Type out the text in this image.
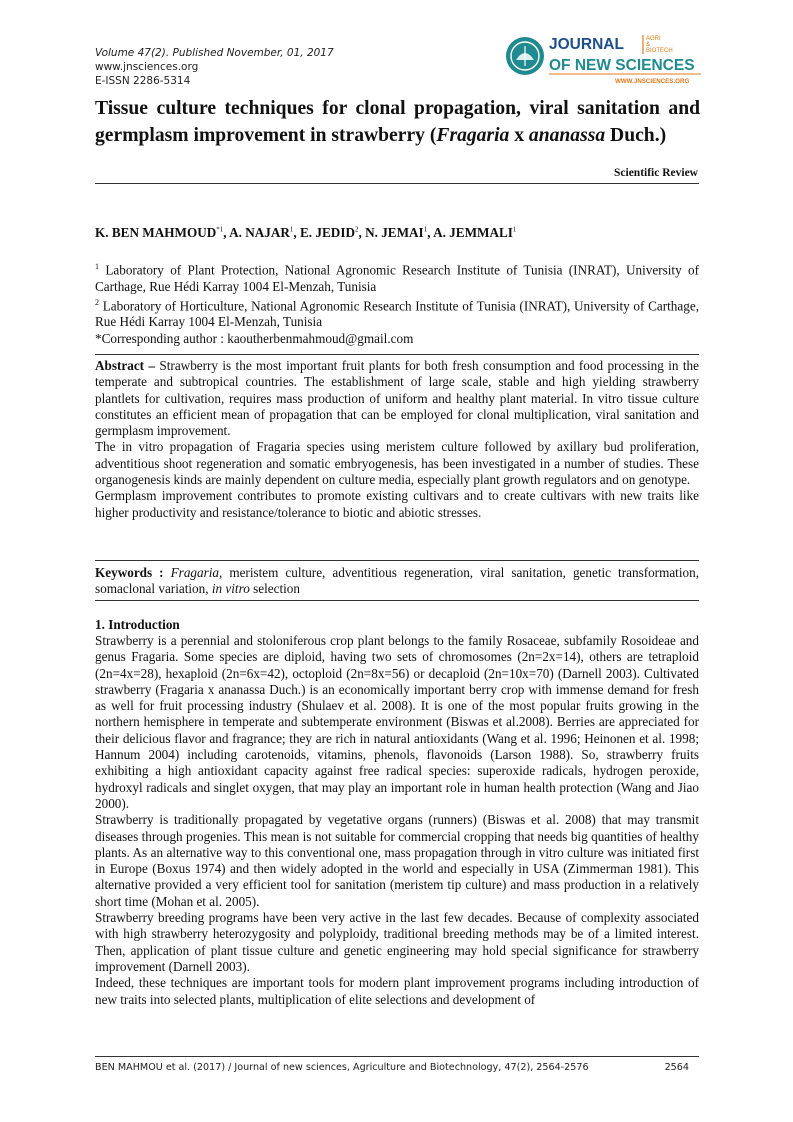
Volume 47(2). Published November, 01, 2017
www.jnsciences.org
E-ISSN 2286-5314
JOURNAL	AGRI
&
BIOTECH
OF NEW SCIENCES
WWW.JNSCIENCES.ORG
Tissue culture techniques for clonal propagation, viral sanitation and germplasm improvement in strawberry (Fragaria x ananassa Duch.)
Scientific Review
K. BEN MAHMOUD$^{*1}$, A. NAJAR$^1$, E. JEDID$^2$, N. JEMAI$^1$, A. JEMMALI$^1$

$^1$ Laboratory of Plant Protection, National Agronomic Research Institute of Tunisia (INRAT), University of Carthage, Rue Hédi Karray 1004 El-Menzah, Tunisia

$^2$ Laboratory of Horticulture, National Agronomic Research Institute of Tunisia (INRAT), University of Carthage, Rue Hédi Karray 1004 El-Menzah, Tunisia

*Corresponding author : kaoutherbenmahmoud@gmail.com

Abstract – Strawberry is the most important fruit plants for both fresh consumption and food processing in the temperate and subtropical countries. The establishment of large scale, stable and high yielding strawberry plantlets for cultivation, requires mass production of uniform and healthy plant material. In vitro tissue culture constitutes an efficient mean of propagation that can be employed for clonal multiplication, viral sanitation and germplasm improvement.

The in vitro propagation of Fragaria species using meristem culture followed by axillary bud proliferation, adventitious shoot regeneration and somatic embryogenesis, has been investigated in a number of studies. These organogenesis kinds are mainly dependent on culture media, especially plant growth regulators and on genotype.

Germplasm improvement contributes to promote existing cultivars and to create cultivars with new traits like higher productivity and resistance/tolerance to biotic and abiotic stresses.

Keywords : Fragaria, meristem culture, adventitious regeneration, viral sanitation, genetic transformation, somaclonal variation, in vitro selection

1. Introduction

Strawberry is a perennial and stoloniferous crop plant belongs to the family Rosaceae, subfamily Rosoideae and genus Fragaria. Some species are diploid, having two sets of chromosomes (2n=2x=14), others are tetraploid (2n=4x=28), hexaploid (2n=6x=42), octoploid (2n=8x=56) or decaploid (2n=10x=70) (Darnell 2003). Cultivated strawberry (Fragaria x ananassa Duch.) is an economically important berry crop with immense demand for fresh as well for fruit processing industry (Shulaev et al. 2008). It is one of the most popular fruits growing in the northern hemisphere in temperate and subtemperate environment (Biswas et al.2008). Berries are appreciated for their delicious flavor and fragrance; they are rich in natural antioxidants (Wang et al. 1996; Heinonen et al. 1998; Hannum 2004) including carotenoids, vitamins, phenols, flavonoids (Larson 1988). So, strawberry fruits exhibiting a high antioxidant capacity against free radical species: superoxide radicals, hydrogen peroxide, hydroxyl radicals and singlet oxygen, that may play an important role in human health protection (Wang and Jiao 2000).

Strawberry is traditionally propagated by vegetative organs (runners) (Biswas et al. 2008) that may transmit diseases through progenies. This mean is not suitable for commercial cropping that needs big quantities of healthy plants. As an alternative way to this conventional one, mass propagation through in vitro culture was initiated first in Europe (Boxus 1974) and then widely adopted in the world and especially in USA (Zimmerman 1981). This alternative provided a very efficient tool for sanitation (meristem tip culture) and mass production in a relatively short time (Mohan et al. 2005).

Strawberry breeding programs have been very active in the last few decades. Because of complexity associated with high strawberry heterozygosity and polyploidy, traditional breeding methods may be of a limited interest. Then, application of plant tissue culture and genetic engineering may hold special significance for strawberry improvement (Darnell 2003).

Indeed, these techniques are important tools for modern plant improvement programs including introduction of new traits into selected plants, multiplication of elite selections and development of

BEN MAHMOU et al. (2017) / Journal of new sciences, Agriculture and Biotechnology, 47(2), 2564-2576	2564
